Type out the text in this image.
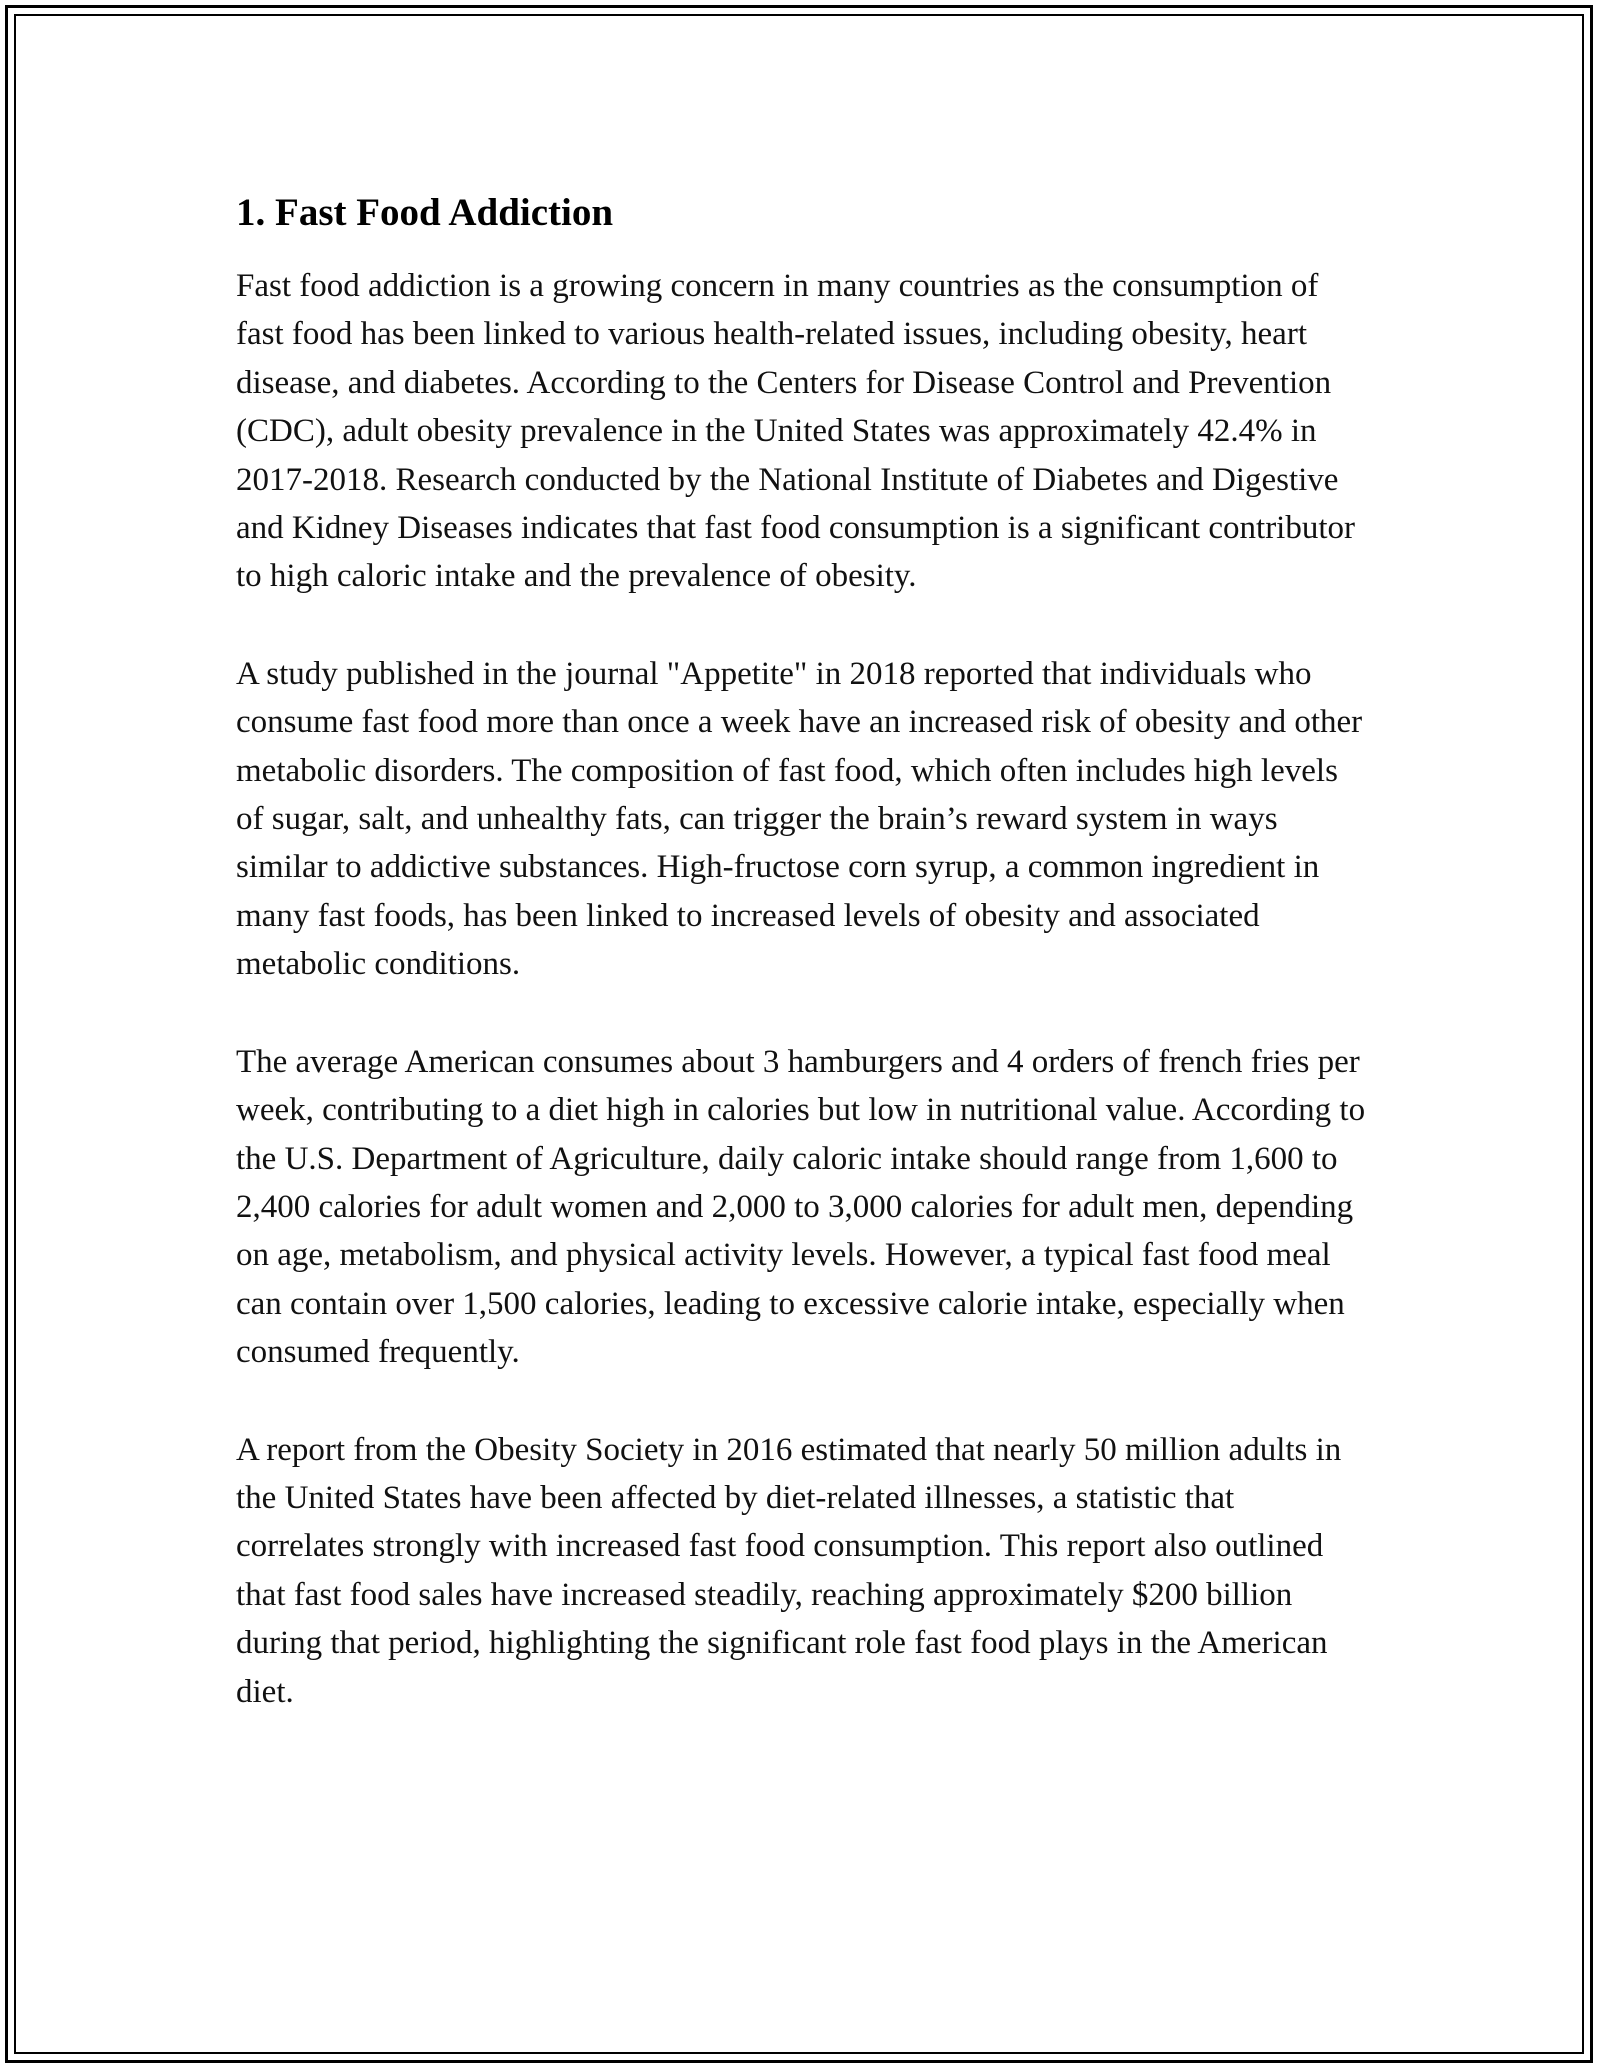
1. Fast Food Addiction

Fast food addiction is a growing concern in many countries as the consumption of fast food has been linked to various health-related issues, including obesity, heart disease, and diabetes. According to the Centers for Disease Control and Prevention (CDC), adult obesity prevalence in the United States was approximately 42.4% in 2017-2018. Research conducted by the National Institute of Diabetes and Digestive and Kidney Diseases indicates that fast food consumption is a significant contributor to high caloric intake and the prevalence of obesity.

A study published in the journal "Appetite" in 2018 reported that individuals who consume fast food more than once a week have an increased risk of obesity and other metabolic disorders. The composition of fast food, which often includes high levels of sugar, salt, and unhealthy fats, can trigger the brain’s reward system in ways similar to addictive substances. High-fructose corn syrup, a common ingredient in many fast foods, has been linked to increased levels of obesity and associated metabolic conditions.

The average American consumes about 3 hamburgers and 4 orders of french fries per week, contributing to a diet high in calories but low in nutritional value. According to the U.S. Department of Agriculture, daily caloric intake should range from 1,600 to 2,400 calories for adult women and 2,000 to 3,000 calories for adult men, depending on age, metabolism, and physical activity levels. However, a typical fast food meal can contain over 1,500 calories, leading to excessive calorie intake, especially when consumed frequently.

A report from the Obesity Society in 2016 estimated that nearly 50 million adults in the United States have been affected by diet-related illnesses, a statistic that correlates strongly with increased fast food consumption. This report also outlined that fast food sales have increased steadily, reaching approximately $200 billion during that period, highlighting the significant role fast food plays in the American diet.
